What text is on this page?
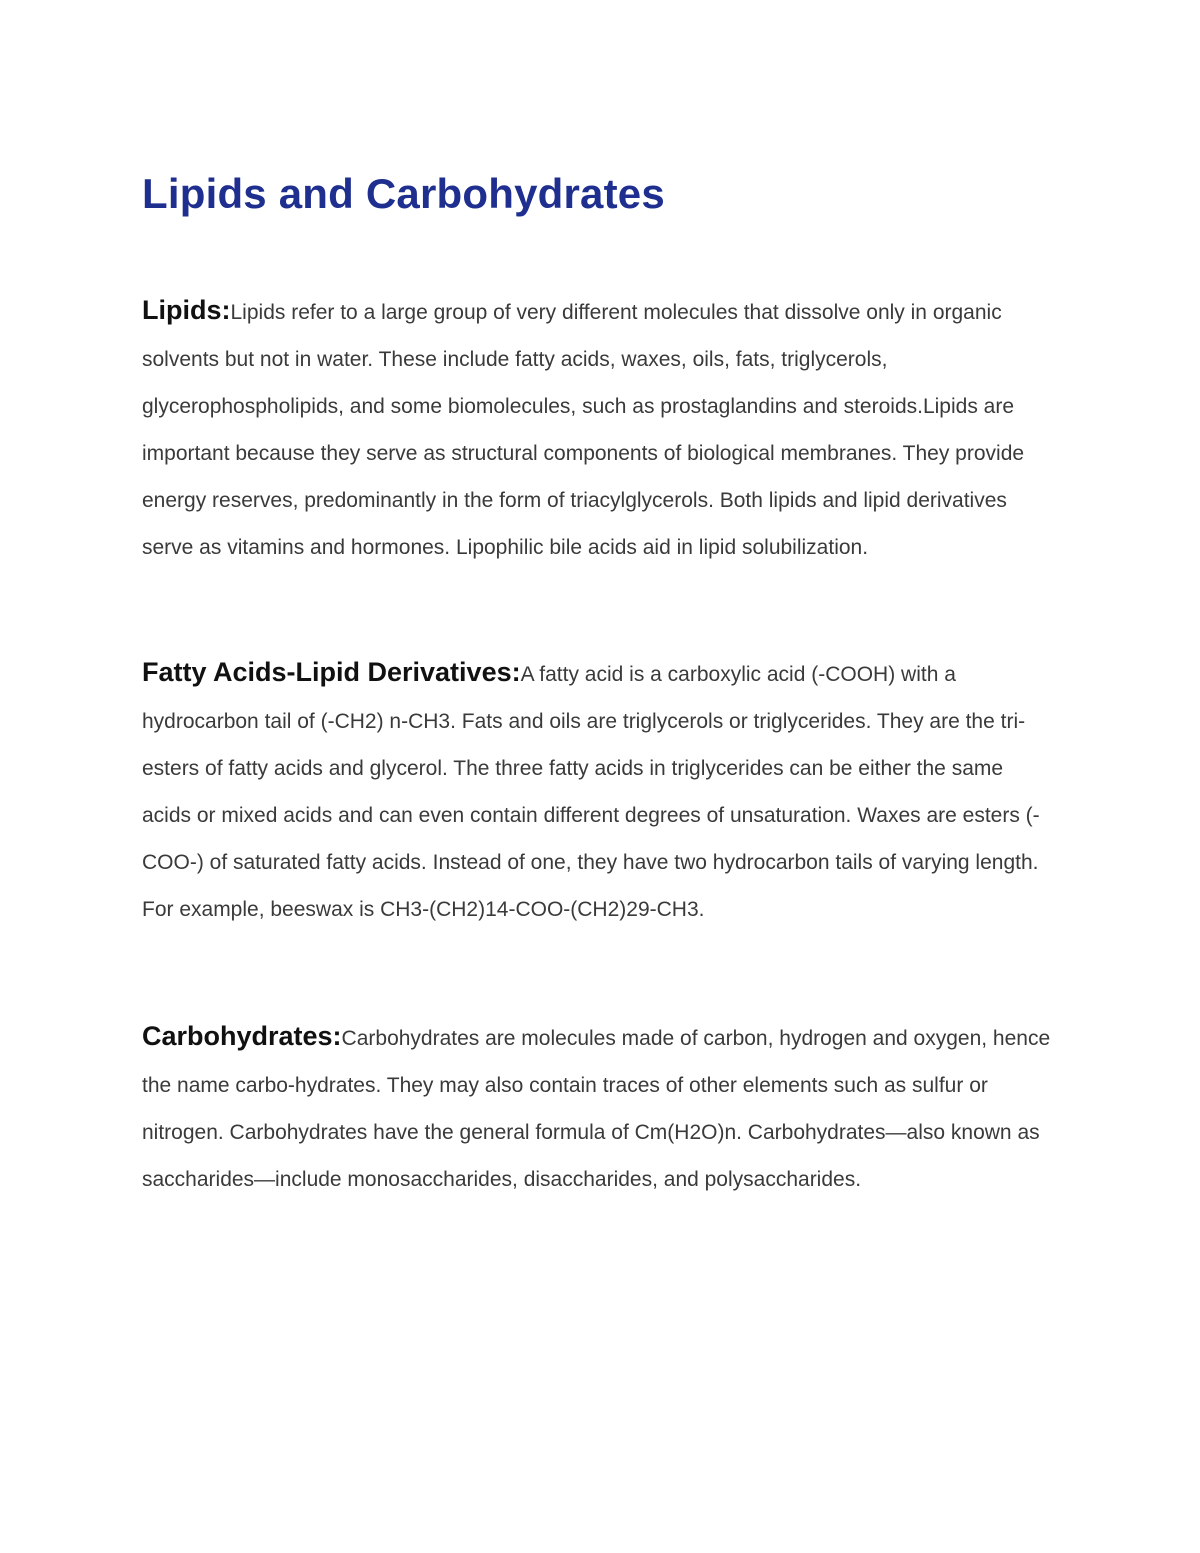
Lipids and Carbohydrates

Lipids:Lipids refer to a large group of very different molecules that dissolve only in organic solvents but not in water. These include fatty acids, waxes, oils, fats, triglycerols, glycerophospholipids, and some biomolecules, such as prostaglandins and steroids.Lipids are important because they serve as structural components of biological membranes. They provide energy reserves, predominantly in the form of triacylglycerols. Both lipids and lipid derivatives serve as vitamins and hormones. Lipophilic bile acids aid in lipid solubilization.

Fatty Acids-Lipid Derivatives:A fatty acid is a carboxylic acid (-COOH) with a hydrocarbon tail of (-CH2) n-CH3. Fats and oils are triglycerols or triglycerides. They are the tri-esters of fatty acids and glycerol. The three fatty acids in triglycerides can be either the same acids or mixed acids and can even contain different degrees of unsaturation. Waxes are esters (-COO-) of saturated fatty acids. Instead of one, they have two hydrocarbon tails of varying length. For example, beeswax is CH3-(CH2)14-COO-(CH2)29-CH3.

Carbohydrates:Carbohydrates are molecules made of carbon, hydrogen and oxygen, hence the name carbo-hydrates. They may also contain traces of other elements such as sulfur or nitrogen. Carbohydrates have the general formula of Cm(H2O)n. Carbohydrates—also known as saccharides—include monosaccharides, disaccharides, and polysaccharides.
